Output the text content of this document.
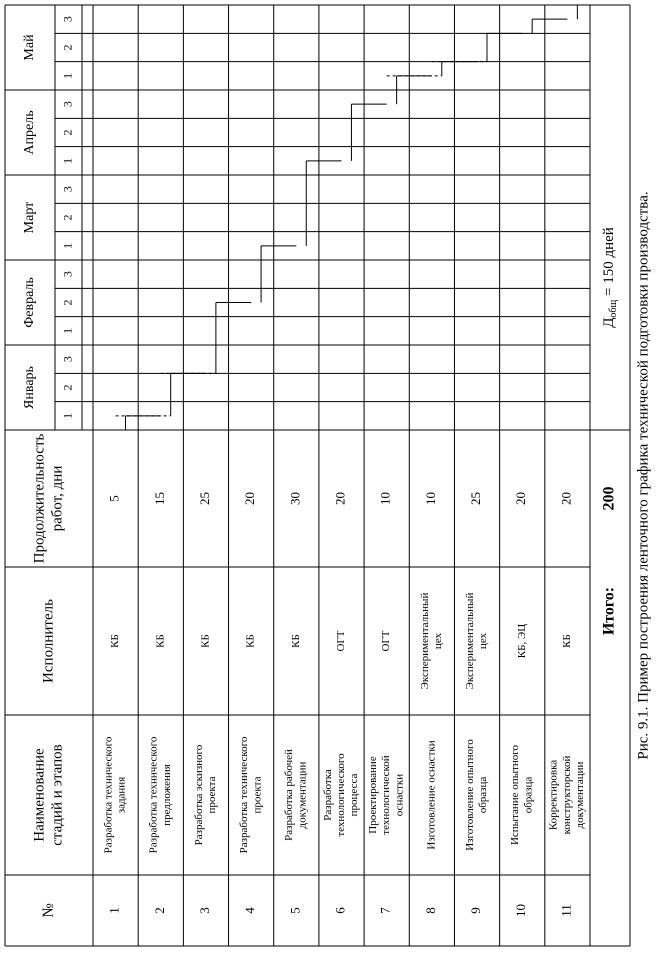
№
Наименование стадий и этапов
Исполнитель
Продолжительность работ, дни
Январь
1
2
3
Февраль
1
2
3
Март
1
2
3
Апрель
1
2
3
Май
1
2
3
1
Разработка технического задания
КБ
5
2
Разработка технического предложения
КБ
15
3
Разработка эскизного проекта
КБ
25
4
Разработка технического проекта
КБ
20
5
Разработка рабочей документации
КБ
30
6
Разработка технологического процесса
ОГТ
20
7
Проектирование технологической оснастки
ОГТ
10
8
Изготовление оснастки
Экспериментальный цех
10
9
Изготовление опытного образца
Экспериментальный цех
25
10
Испытание опытного образца
КБ, ЭЦ
20
11
Корректировка конструкторской документации
КБ
20
Итого:
200
$Д_{общ} = 150$ дней Рис. 9.1. Пример построения ленточного графика технической подготовки производства.
